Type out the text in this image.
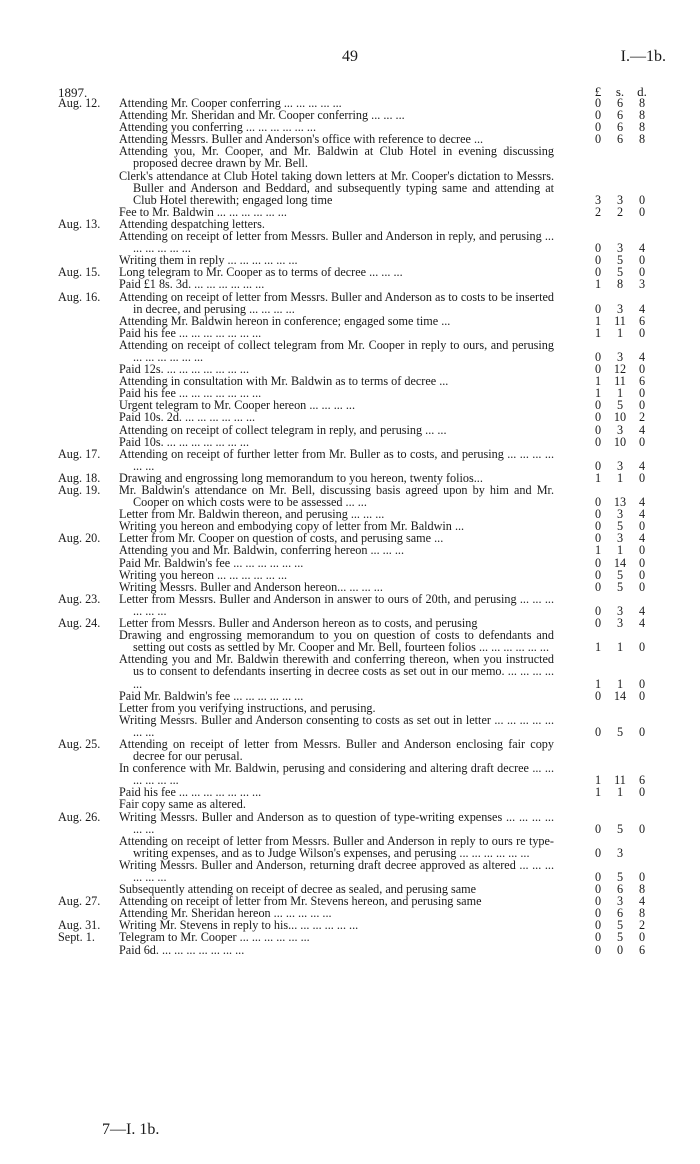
49	I.—1b.
£ s. d.
1897.
Aug. 12. Attending Mr. Cooper conferring ... ... ... ... ...	0 6 8
Attending Mr. Sheridan and Mr. Cooper conferring ... ... ...	0 6 8
Attending you conferring ... ... ... ... ... ...	0 6 8
Attending Messrs. Buller and Anderson's office with reference to decree ...	0 6 8
Attending you, Mr. Cooper, and Mr. Baldwin at Club Hotel in evening discussing proposed decree drawn by Mr. Bell.
Clerk's attendance at Club Hotel taking down letters at Mr. Cooper's dictation to Messrs. Buller and Anderson and Beddard, and subsequently typing same and attending at Club Hotel therewith; engaged long time	3 3 0
Fee to Mr. Baldwin ... ... ... ... ... ...	2 2 0
Aug. 13. Attending despatching letters.
Attending on receipt of letter from Messrs. Buller and Anderson in reply, and perusing ... ... ... ... ... ...	0 3 4
Writing them in reply ... ... ... ... ... ...	0 5 0
Aug. 15. Long telegram to Mr. Cooper as to terms of decree ... ... ...	0 5 0
Paid £1 8s. 3d. ... ... ... ... ... ...	1 8 3
Aug. 16. Attending on receipt of letter from Messrs. Buller and Anderson as to costs to be inserted in decree, and perusing ... ... ... ...	0 3 4
Attending Mr. Baldwin hereon in conference; engaged some time ...	1 11 6
Paid his fee ... ... ... ... ... ... ...	1 1 0
Attending on receipt of collect telegram from Mr. Cooper in reply to ours, and perusing ... ... ... ... ... ...	0 3 4
Paid 12s. ... ... ... ... ... ... ...	0 12 0
Attending in consultation with Mr. Baldwin as to terms of decree ...	1 11 6
Paid his fee ... ... ... ... ... ... ...	1 1 0
Urgent telegram to Mr. Cooper hereon ... ... ... ...	0 5 0
Paid 10s. 2d. ... ... ... ... ... ...	0 10 2
Attending on receipt of collect telegram in reply, and perusing ... ...	0 3 4
Paid 10s. ... ... ... ... ... ... ...	0 10 0
Aug. 17. Attending on receipt of further letter from Mr. Buller as to costs, and perusing ... ... ... ... ... ...	0 3 4
Aug. 18. Drawing and engrossing long memorandum to you hereon, twenty folios...	1 1 0
Aug. 19. Mr. Baldwin's attendance on Mr. Bell, discussing basis agreed upon by him and Mr. Cooper on which costs were to be assessed ... ...	0 13 4
Letter from Mr. Baldwin thereon, and perusing ... ... ...	0 3 4
Writing you hereon and embodying copy of letter from Mr. Baldwin ...	0 5 0
Aug. 20. Letter from Mr. Cooper on question of costs, and perusing same ...	0 3 4
Attending you and Mr. Baldwin, conferring hereon ... ... ...	1 1 0
Paid Mr. Baldwin's fee ... ... ... ... ... ...	0 14 0
Writing you hereon ... ... ... ... ... ...	0 5 0
Writing Messrs. Buller and Anderson hereon... ... ... ...	0 5 0
Aug. 23. Letter from Messrs. Buller and Anderson in answer to ours of 20th, and perusing ... ... ... ... ... ...	0 3 4
Aug. 24. Letter from Messrs. Buller and Anderson hereon as to costs, and perusing	0 3 4
Drawing and engrossing memorandum to you on question of costs to defendants and setting out costs as settled by Mr. Cooper and Mr. Bell, fourteen folios ... ... ... ... ... ...	1 1 0
Attending you and Mr. Baldwin therewith and conferring thereon, when you instructed us to consent to defendants inserting in decree costs as set out in our memo. ... ... ... ... ...	1 1 0
Paid Mr. Baldwin's fee ... ... ... ... ... ...	0 14 0
Letter from you verifying instructions, and perusing.
Writing Messrs. Buller and Anderson consenting to costs as set out in letter ... ... ... ... ... ... ...	0 5 0
Aug. 25. Attending on receipt of letter from Messrs. Buller and Anderson enclosing fair copy decree for our perusal.
In conference with Mr. Baldwin, perusing and considering and altering draft decree ... ... ... ... ... ...	1 11 6
Paid his fee ... ... ... ... ... ... ...	1 1 0
Fair copy same as altered.
Aug. 26. Writing Messrs. Buller and Anderson as to question of type-writing expenses ... ... ... ... ... ...	0 5 0
Attending on receipt of letter from Messrs. Buller and Anderson in reply to ours re type-writing expenses, and as to Judge Wilson's expenses, and perusing ... ... ... ... ... ...	0 3
Writing Messrs. Buller and Anderson, returning draft decree approved as altered ... ... ... ... ... ...	0 5 0
Subsequently attending on receipt of decree as sealed, and perusing same	0 6 8
Aug. 27. Attending on receipt of letter from Mr. Stevens hereon, and perusing same	0 3 4
Attending Mr. Sheridan hereon ... ... ... ... ...	0 6 8
Aug. 31. Writing Mr. Stevens in reply to his... ... ... ... ... ...	0 5 2
Sept. 1. Telegram to Mr. Cooper ... ... ... ... ... ...	0 5 0
Paid 6d. ... ... ... ... ... ... ...	0 0 6
7—I. 1b.
